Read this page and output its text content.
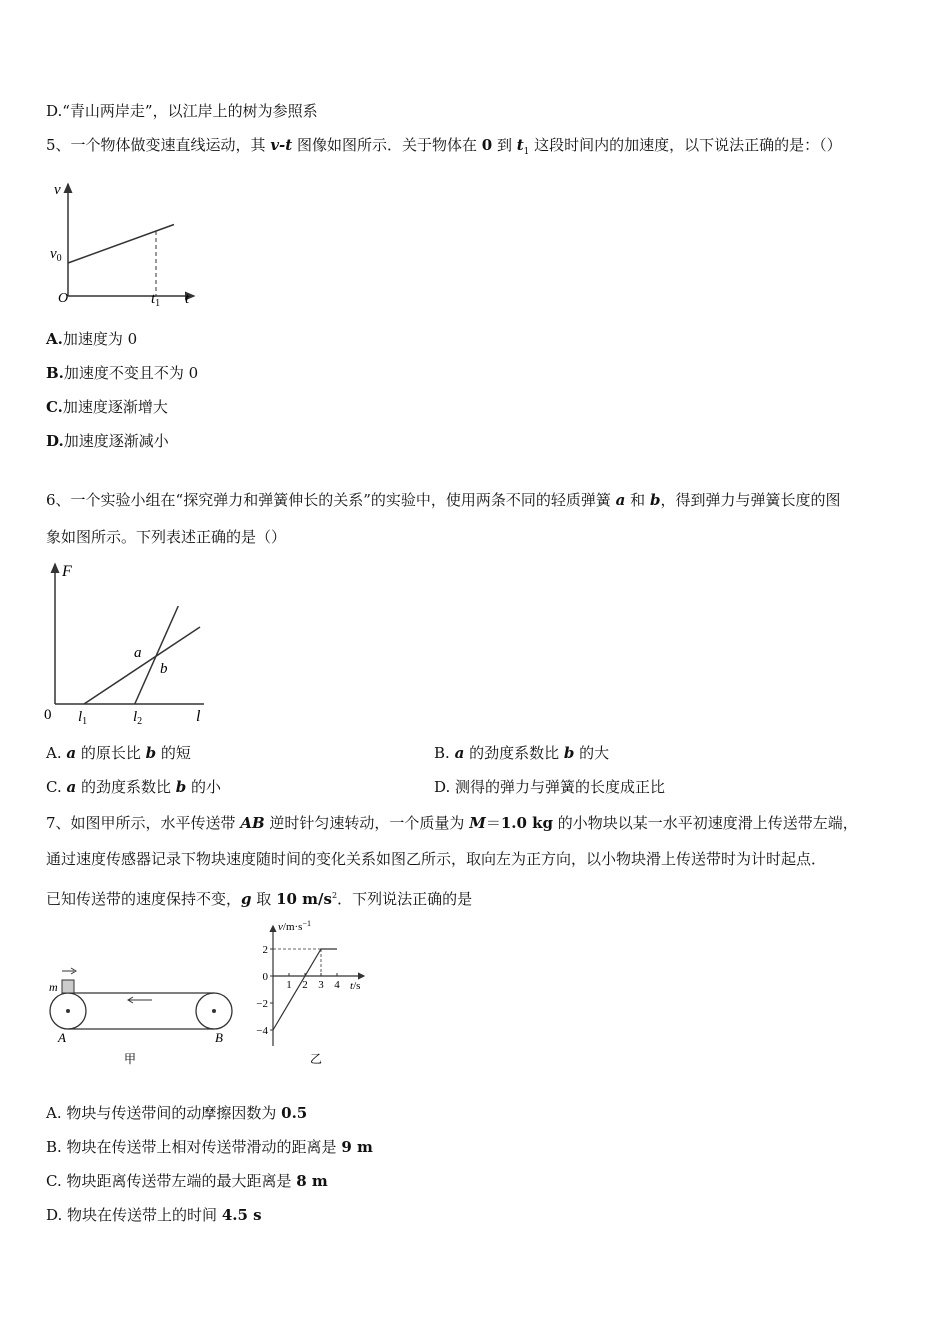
D.“青山两岸走”，以江岸上的树为参照系
5、一个物体做变速直线运动，其 v-t 图像如图所示．关于物体在 0 到 $t_1$ 这段时间内的加速度，以下说法正确的是：（）
v
$v_0$
O	$t_1$ t
A.加速度为 0
B.加速度不变且不为 0
C.加速度逐渐增大
D.加速度逐渐减小
6、一个实验小组在“探究弹力和弹簧伸长的关系”的实验中，使用两条不同的轻质弹簧 a 和 b，得到弹力与弹簧长度的图
象如图所示。下列表述正确的是（）
F
0 $l_1$	$l_2$	l
a
b
A. a 的原长比 b 的短	B. a 的劲度系数比 b 的大
C. a 的劲度系数比 b 的小	D. 测得的弹力与弹簧的长度成正比
7、如图甲所示，水平传送带 AB 逆时针匀速转动，一个质量为 M＝1.0 kg 的小物块以某一水平初速度滑上传送带左端，
通过速度传感器记录下物块速度随时间的变化关系如图乙所示，取向左为正方向，以小物块滑上传送带时为计时起点．
已知传送带的速度保持不变，g 取 10 $m/s^2$．下列说法正确的是
m
A	B
甲
2
0
−2
−4
1 2 3 4
$v/m\cdot s^{-1}$
t/s
乙
A. 物块与传送带间的动摩擦因数为 0.5
B. 物块在传送带上相对传送带滑动的距离是 9 m
C. 物块距离传送带左端的最大距离是 8 m
D. 物块在传送带上的时间 4.5 s
